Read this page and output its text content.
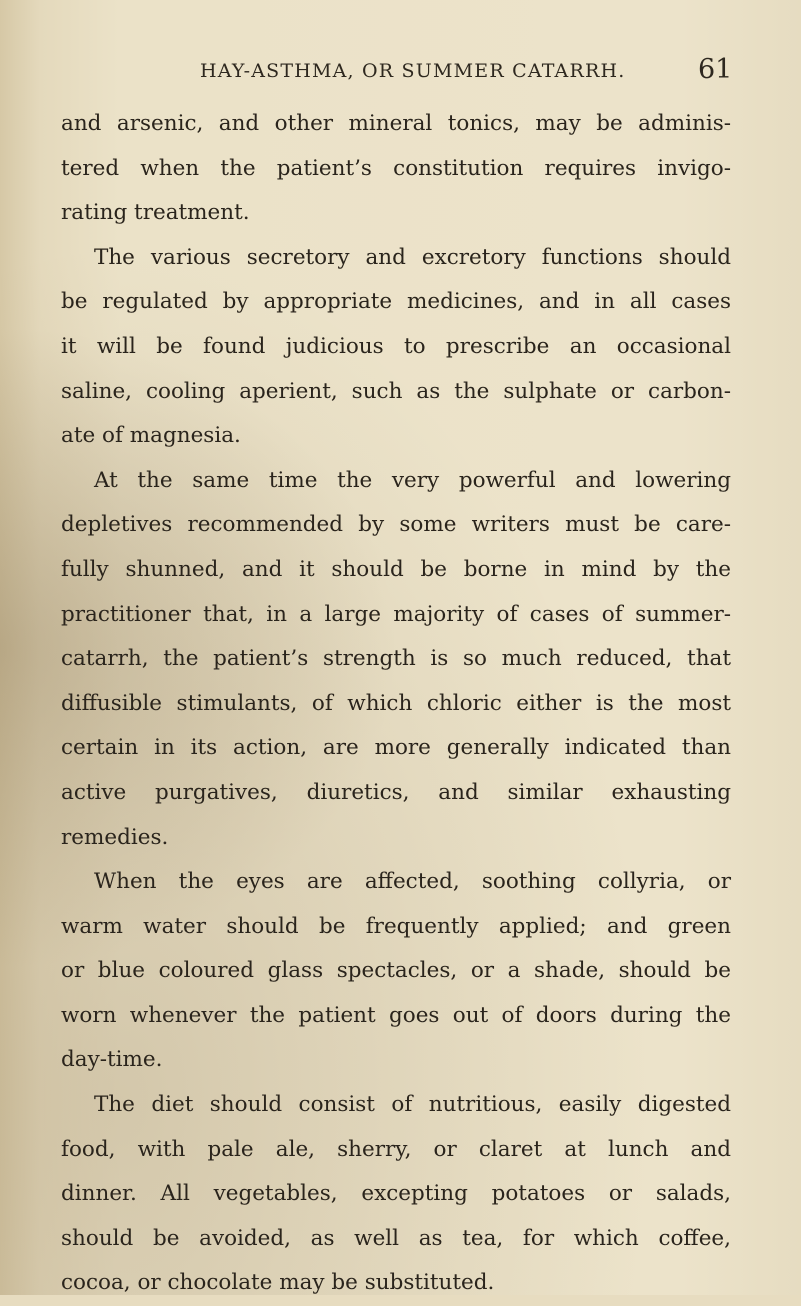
HAY-ASTHMA, OR SUMMER CATARRH.	61
and arsenic, and other mineral tonics, may be adminis-
tered when the patient’s constitution requires invigo-
rating treatment.
The various secretory and excretory functions should
be regulated by appropriate medicines, and in all cases
it will be found judicious to prescribe an occasional
saline, cooling aperient, such as the sulphate or carbon-
ate of magnesia.
At the same time the very powerful and lowering
depletives recommended by some writers must be care-
fully shunned, and it should be borne in mind by the
practitioner that, in a large majority of cases of summer-
catarrh, the patient’s strength is so much reduced, that
diffusible stimulants, of which chloric either is the most
certain in its action, are more generally indicated than
active purgatives, diuretics, and similar exhausting
remedies.
When the eyes are affected, soothing collyria, or
warm water should be frequently applied; and green
or blue coloured glass spectacles, or a shade, should be
worn whenever the patient goes out of doors during the
day-time.
The diet should consist of nutritious, easily digested
food, with pale ale, sherry, or claret at lunch and
dinner. All vegetables, excepting potatoes or salads,
should be avoided, as well as tea, for which coffee,
cocoa, or chocolate may be substituted.
